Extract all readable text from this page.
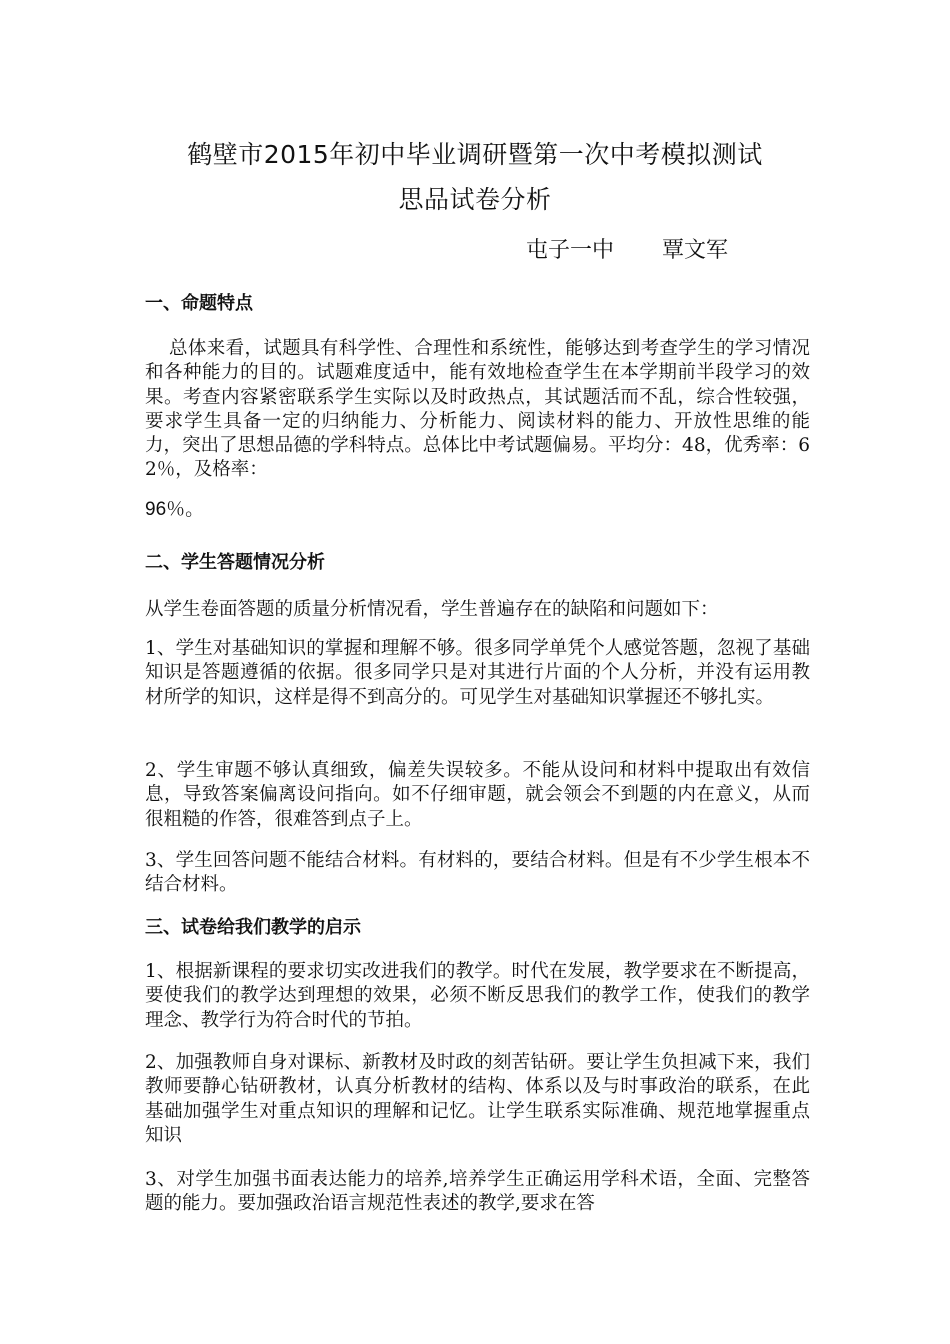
鹤壁市2015年初中毕业调研暨第一次中考模拟测试
思品试卷分析
屯子一中 覃文军
一、命题特点

总体来看，试题具有科学性、合理性和系统性，能够达到考查学生的学习情况和各种能力的目的。试题难度适中，能有效地检查学生在本学期前半段学习的效果。考查内容紧密联系学生实际以及时政热点，其试题活而不乱，综合性较强，要求学生具备一定的归纳能力、分析能力、阅读材料的能力、开放性思维的能力，突出了思想品德的学科特点。总体比中考试题偏易。平均分：48，优秀率：62％，及格率：

96％。
二、学生答题情况分析

从学生卷面答题的质量分析情况看，学生普遍存在的缺陷和问题如下：

1、学生对基础知识的掌握和理解不够。很多同学单凭个人感觉答题，忽视了基础知识是答题遵循的依据。很多同学只是对其进行片面的个人分析，并没有运用教材所学的知识，这样是得不到高分的。可见学生对基础知识掌握还不够扎实。

2、学生审题不够认真细致，偏差失误较多。不能从设问和材料中提取出有效信息，导致答案偏离设问指向。如不仔细审题，就会领会不到题的内在意义，从而很粗糙的作答，很难答到点子上。

3、学生回答问题不能结合材料。有材料的，要结合材料。但是有不少学生根本不结合材料。

三、试卷给我们教学的启示

1、根据新课程的要求切实改进我们的教学。时代在发展，教学要求在不断提高，要使我们的教学达到理想的效果，必须不断反思我们的教学工作，使我们的教学理念、教学行为符合时代的节拍。

2、加强教师自身对课标、新教材及时政的刻苦钻研。要让学生负担减下来，我们教师要静心钻研教材，认真分析教材的结构、体系以及与时事政治的联系，在此基础加强学生对重点知识的理解和记忆。让学生联系实际准确、规范地掌握重点知识

3、对学生加强书面表达能力的培养,培养学生正确运用学科术语，全面、完整答题的能力。要加强政治语言规范性表述的教学,要求在答
